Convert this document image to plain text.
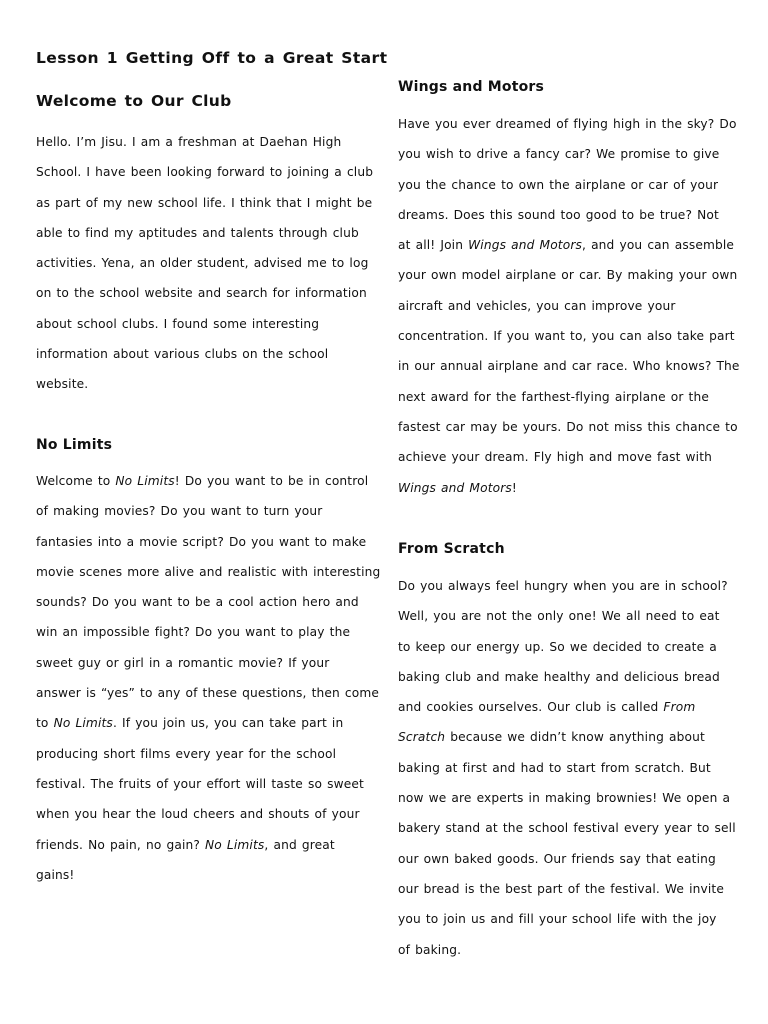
Lesson 1 Getting Off to a Great Start
Welcome to Our Club
Hello. I’m Jisu. I am a freshman at Daehan High
School. I have been looking forward to joining a club
as part of my new school life. I think that I might be
able to find my aptitudes and talents through club
activities. Yena, an older student, advised me to log
on to the school website and search for information
about school clubs. I found some interesting
information about various clubs on the school
website.
No Limits
Welcome to No Limits! Do you want to be in control
of making movies? Do you want to turn your
fantasies into a movie script? Do you want to make
movie scenes more alive and realistic with interesting
sounds? Do you want to be a cool action hero and
win an impossible fight? Do you want to play the
sweet guy or girl in a romantic movie? If your
answer is “yes” to any of these questions, then come
to No Limits. If you join us, you can take part in
producing short films every year for the school
festival. The fruits of your effort will taste so sweet
when you hear the loud cheers and shouts of your
friends. No pain, no gain? No Limits, and great
gains!
Wings and Motors
Have you ever dreamed of flying high in the sky? Do
you wish to drive a fancy car? We promise to give
you the chance to own the airplane or car of your
dreams. Does this sound too good to be true? Not
at all! Join Wings and Motors, and you can assemble
your own model airplane or car. By making your own
aircraft and vehicles, you can improve your
concentration. If you want to, you can also take part
in our annual airplane and car race. Who knows? The
next award for the farthest-flying airplane or the
fastest car may be yours. Do not miss this chance to
achieve your dream. Fly high and move fast with
Wings and Motors!
From Scratch
Do you always feel hungry when you are in school?
Well, you are not the only one! We all need to eat
to keep our energy up. So we decided to create a
baking club and make healthy and delicious bread
and cookies ourselves. Our club is called From
Scratch because we didn’t know anything about
baking at first and had to start from scratch. But
now we are experts in making brownies! We open a
bakery stand at the school festival every year to sell
our own baked goods. Our friends say that eating
our bread is the best part of the festival. We invite
you to join us and fill your school life with the joy
of baking.
